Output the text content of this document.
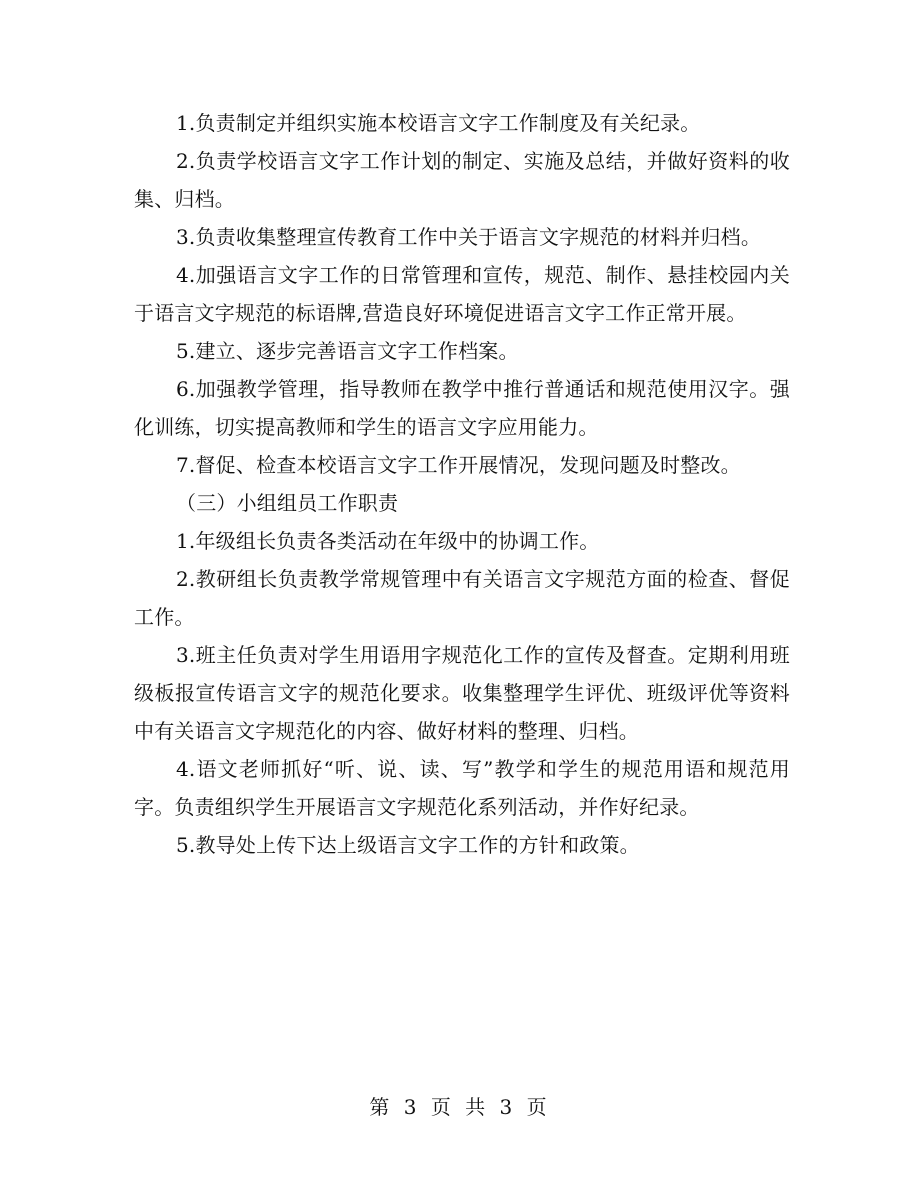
1.负责制定并组织实施本校语言文字工作制度及有关纪录。

2.负责学校语言文字工作计划的制定、实施及总结，并做好资料的收集、归档。

3.负责收集整理宣传教育工作中关于语言文字规范的材料并归档。

4.加强语言文字工作的日常管理和宣传，规范、制作、悬挂校园内关于语言文字规范的标语牌,营造良好环境促进语言文字工作正常开展。

5.建立、逐步完善语言文字工作档案。

6.加强教学管理，指导教师在教学中推行普通话和规范使用汉字。强化训练，切实提高教师和学生的语言文字应用能力。

7.督促、检查本校语言文字工作开展情况，发现问题及时整改。

（三）小组组员工作职责

1.年级组长负责各类活动在年级中的协调工作。

2.教研组长负责教学常规管理中有关语言文字规范方面的检查、督促工作。

3.班主任负责对学生用语用字规范化工作的宣传及督查。定期利用班级板报宣传语言文字的规范化要求。收集整理学生评优、班级评优等资料中有关语言文字规范化的内容、做好材料的整理、归档。

4.语文老师抓好“听、说、读、写”教学和学生的规范用语和规范用字。负责组织学生开展语言文字规范化系列活动，并作好纪录。

5.教导处上传下达上级语言文字工作的方针和政策。

第 3 页 共 3 页
